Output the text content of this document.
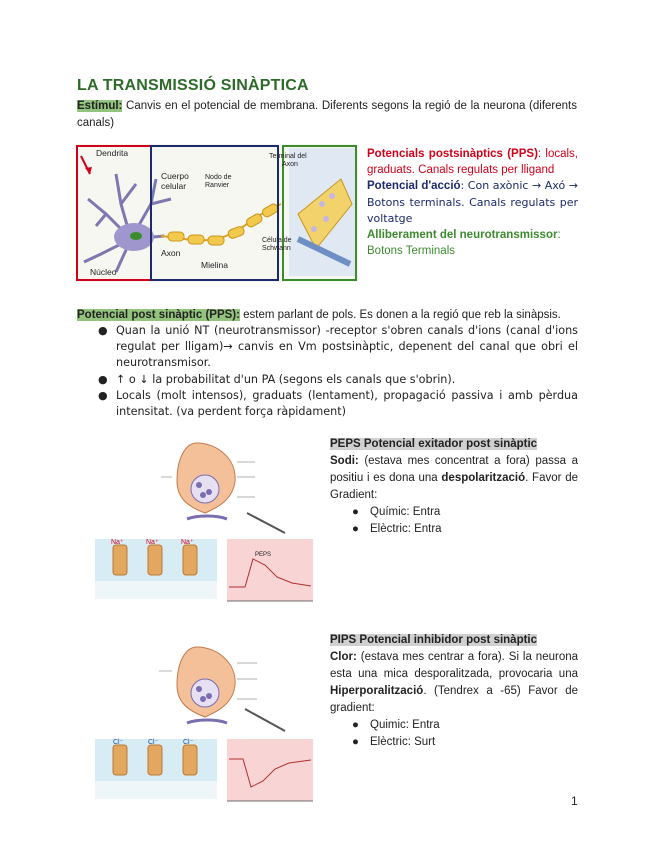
LA TRANSMISSIÓ SINÀPTICA
Estímul: Canvis en el potencial de membrana. Diferents segons la regió de la neurona (diferents canals)
Dendrita
Cuerpo
celular
Nodo de
Ranvier
Terminal del
Axon
Axon
Mielina
Núcleo
Célula de
Schwann
Potencials postsinàptics (PPS): locals, graduats. Canals regulats per lligand
Potencial d'acció: Con axònic → Axó → Botons terminals. Canals regulats per voltatge
Alliberament del neurotransmissor:
Botons Terminals
Potencial post sinàptic (PPS): estem parlant de pols. Es donen a la regió que reb la sinàpsis.
● Quan la unió NT (neurotransmissor) -receptor s'obren canals d'ions (canal d'ions regulat per lligam)→ canvis en Vm postsinàptic, depenent del canal que obri el neurotransmisor.
● ↑ o ↓ la probabilitat d'un PA (segons els canals que s'obrin).
● Locals (molt intensos), graduats (lentament), propagació passiva i amb pèrdua intensitat. (va perdent força ràpidament)
Na⁺	Na⁺	Na⁺
PEPS
PEPS Potencial exitador post sinàptic
Sodi: (estava mes concentrat a fora) passa a positiu i es dona una despolarització. Favor de Gradient:
● Químic: Entra
● Elèctric: Entra
Cl⁻	Cl⁻	Cl⁻
PIPS Potencial inhibidor post sinàptic
Clor: (estava mes centrar a fora). Si la neurona esta una mica desporalitzada, provocaria una Hiperporalització. (Tendrex a -65) Favor de gradient:
● Quimic: Entra
● Elèctric: Surt
1
